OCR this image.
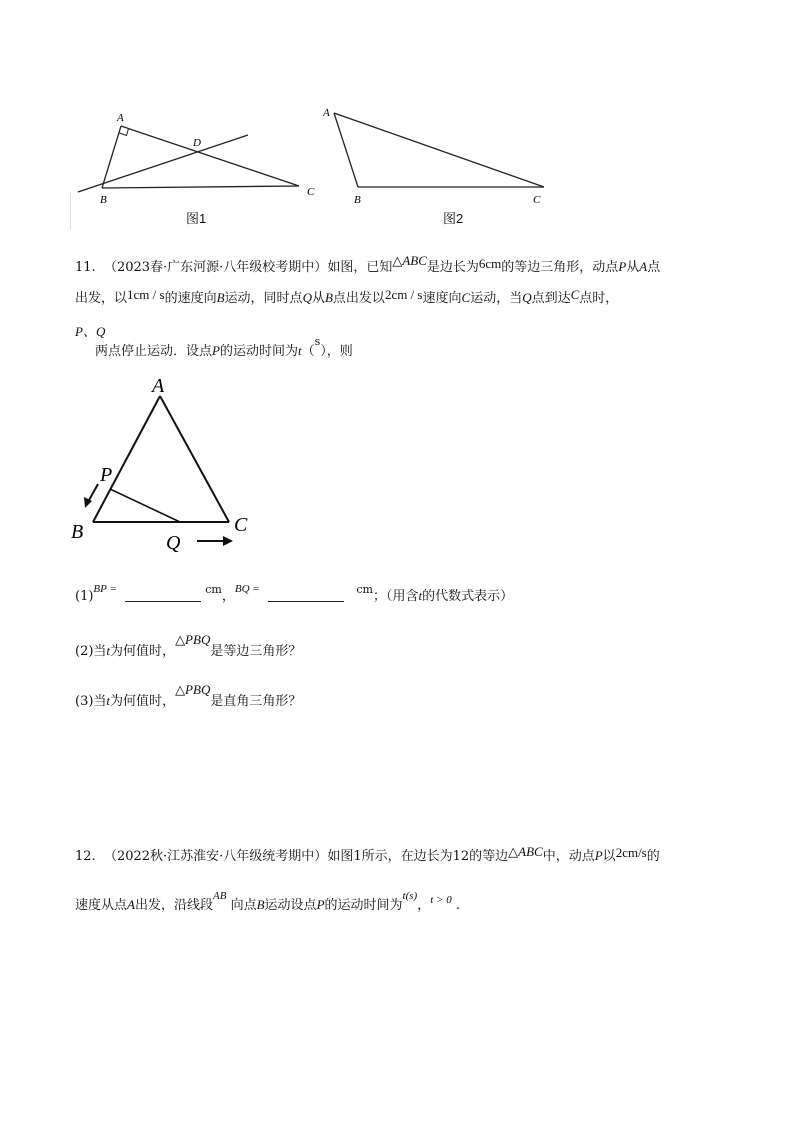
A
D
B
C
图1
A
B	C
图2
11. （2023春·广东河源·八年级校考期中）如图，已知△ABC是边长为6cm的等边三角形，动点P从A点
出发，以1cm / s的速度向B运动，同时点Q从B点出发以2cm / s速度向C运动，当Q点到达C点时，
P、Q
两点停止运动．设点P的运动时间为t（$^s$），则
A
P
B	C
Q
$(1)^{BP =}$	$^{cm}$，$^{BQ =}$	$^{cm}$；（用含t的代数式表示）
(2)当t为何值时，△PBQ是等边三角形？
(3)当t为何值时，△PBQ是直角三角形？
12. （2022秋·江苏淮安·八年级统考期中）如图1所示，在边长为12的等边△ABC中，动点P以2cm/s的
速度从点A出发，沿线段$^{AB}$ 向点B运动设点P的运动时间为$^{t(s)}$，$^{t > 0}$ .
